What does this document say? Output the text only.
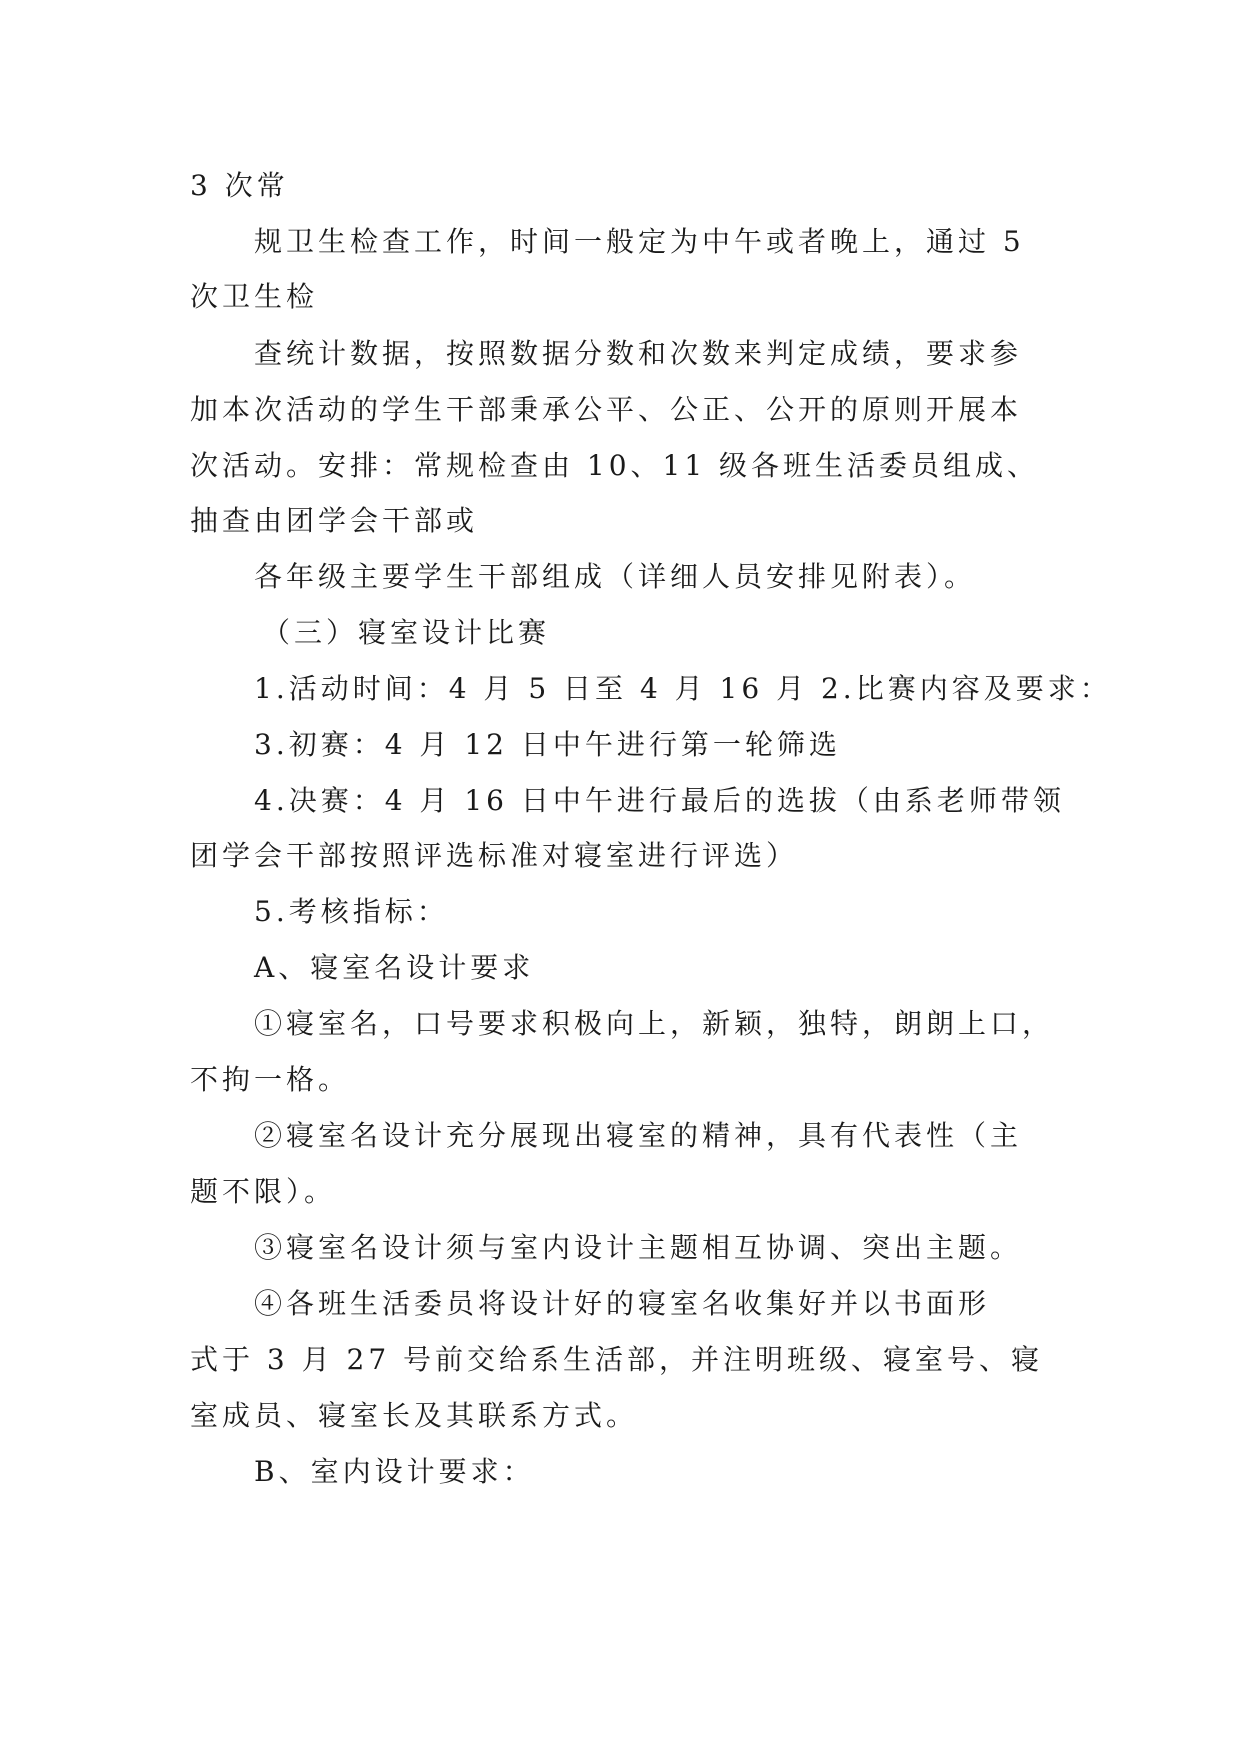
3 次常
规卫生检查工作，时间一般定为中午或者晚上，通过 5
次卫生检
查统计数据，按照数据分数和次数来判定成绩，要求参
加本次活动的学生干部秉承公平、公正、公开的原则开展本
次活动。安排：常规检查由 10、11 级各班生活委员组成、
抽查由团学会干部或
各年级主要学生干部组成（详细人员安排见附表）。
（三）寝室设计比赛
1.活动时间：4 月 5 日至 4 月 16 月 2.比赛内容及要求：
3.初赛：4 月 12 日中午进行第一轮筛选
4.决赛：4 月 16 日中午进行最后的选拔（由系老师带领
团学会干部按照评选标准对寝室进行评选）
5.考核指标：
A、寝室名设计要求
①寝室名，口号要求积极向上，新颖，独特，朗朗上口，
不拘一格。
②寝室名设计充分展现出寝室的精神，具有代表性（主
题不限）。
③寝室名设计须与室内设计主题相互协调、突出主题。
④各班生活委员将设计好的寝室名收集好并以书面形
式于 3 月 27 号前交给系生活部，并注明班级、寝室号、寝
室成员、寝室长及其联系方式。
B、室内设计要求：
